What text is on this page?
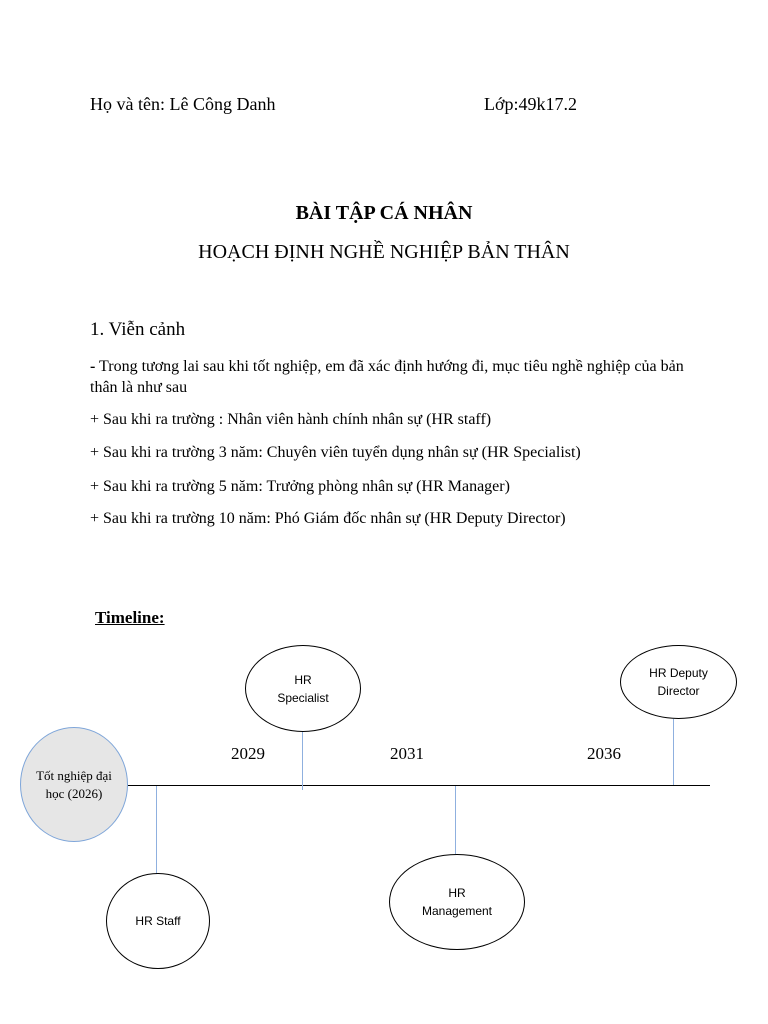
Họ và tên: Lê Công Danh	Lớp:49k17.2
BÀI TẬP CÁ NHÂN
HOẠCH ĐỊNH NGHỀ NGHIỆP BẢN THÂN
1. Viễn cảnh
- Trong tương lai sau khi tốt nghiệp, em đã xác định hướng đi, mục tiêu nghề nghiệp của bản thân là như sau
+ Sau khi ra trường : Nhân viên hành chính nhân sự (HR staff)
+ Sau khi ra trường 3 năm: Chuyên viên tuyển dụng nhân sự (HR Specialist)
+ Sau khi ra trường 5 năm: Trưởng phòng nhân sự (HR Manager)
+ Sau khi ra trường 10 năm: Phó Giám đốc nhân sự (HR Deputy Director)
Timeline:
2029	2031	2036
Tốt nghiệp đại học (2026)
HR Specialist
HR Deputy Director
HR Staff
HR Management
